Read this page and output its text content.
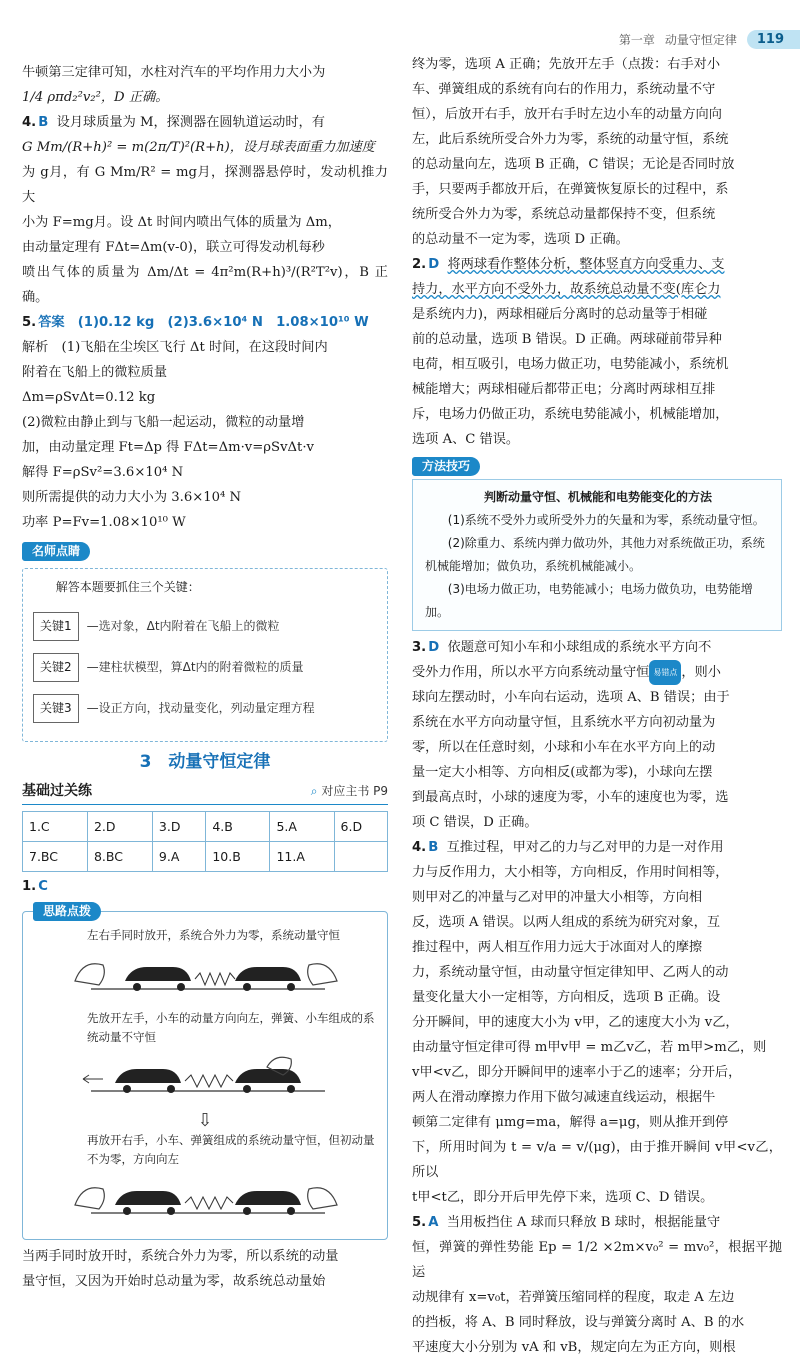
第一章 动量守恒定律	119

牛顿第三定律可知，水柱对汽车的平均作用力大小为

1/4 ρπd₂²v₂²，D 正确。

4. B 设月球质量为 M，探测器在圆轨道运动时，有

G Mm/(R+h)² = m(2π/T)²(R+h)，设月球表面重力加速度

为 g月，有 G Mm/R² = mg月，探测器悬停时，发动机推力大

小为 F=mg月。设 Δt 时间内喷出气体的质量为 Δm，

由动量定理有 FΔt=Δm(v-0)，联立可得发动机每秒

喷出气体的质量为 Δm/Δt = 4π²m(R+h)³/(R²T²v)，B 正确。

5. 答案　(1)0.12 kg　(2)3.6×10⁴ N　1.08×10¹⁰ W

解析　(1)飞船在尘埃区飞行 Δt 时间，在这段时间内

附着在飞船上的微粒质量

Δm=ρSvΔt=0.12 kg

(2)微粒由静止到与飞船一起运动，微粒的动量增

加，由动量定理 Ft=Δp 得 FΔt=Δm·v=ρSvΔt·v

解得 F=ρSv²=3.6×10⁴ N

则所需提供的动力大小为 3.6×10⁴ N

功率 P=Fv=1.08×10¹⁰ W

名师点睛
解答本题要抓住三个关键：
关键1	—选对象，Δt内附着在飞船上的微粒
关键2	—建柱状模型，算Δt内的附着微粒的质量
关键3	—设正方向，找动量变化，列动量定理方程
3　动量守恒定律
基础过关练	⌕ 对应主书 P9
1.C	2.D	3.D	4.B	5.A	6.D
7.BC	8.BC	9.A	10.B	11.A	

1. C

思路点拨
左右手同时放开，系统合外力为零，系统动量守恒
先放开左手，小车的动量方向向左，弹簧、小车组成的系统动量不守恒
⇩
再放开右手，小车、弹簧组成的系统动量守恒，但初动量不为零，方向向左

当两手同时放开时，系统合外力为零，所以系统的动量

量守恒，又因为开始时总动量为零，故系统总动量始

终为零，选项 A 正确；先放开左手（点拨：右手对小

车、弹簧组成的系统有向右的作用力，系统动量不守

恒），后放开右手，放开右手时左边小车的动量方向向

左，此后系统所受合外力为零，系统的动量守恒，系统

的总动量向左，选项 B 正确，C 错误；无论是否同时放

手，只要两手都放开后，在弹簧恢复原长的过程中，系

统所受合外力为零，系统总动量都保持不变，但系统

的总动量不一定为零，选项 D 正确。

2. D 将两球看作整体分析，整体竖直方向受重力、支

持力，水平方向不受外力，故系统总动量不变(库仑力

是系统内力)，两球相碰后分离时的总动量等于相碰

前的总动量，选项 B 错误。D 正确。两球碰前带异种

电荷，相互吸引，电场力做正功，电势能减小，系统机

械能增大；两球相碰后都带正电；分离时两球相互排

斥，电场力仍做正功，系统电势能减小，机械能增加，

选项 A、C 错误。

方法技巧
判断动量守恒、机械能和电势能变化的方法

(1)系统不受外力或所受外力的矢量和为零，系统动量守恒。

(2)除重力、系统内弹力做功外，其他力对系统做正功，系统机械能增加；做负功，系统机械能减小。

(3)电场力做正功，电势能减小；电场力做负功，电势能增加。

3. D 依题意可知小车和小球组成的系统水平方向不

受外力作用，所以水平方向系统动量守恒 易错点 ，则小

球向左摆动时，小车向右运动，选项 A、B 错误；由于

系统在水平方向动量守恒，且系统水平方向初动量为

零，所以在任意时刻，小球和小车在水平方向上的动

量一定大小相等、方向相反(或都为零)，小球向左摆

到最高点时，小球的速度为零，小车的速度也为零，选

项 C 错误，D 正确。

4. B 互推过程，甲对乙的力与乙对甲的力是一对作用

力与反作用力，大小相等，方向相反，作用时间相等，

则甲对乙的冲量与乙对甲的冲量大小相等，方向相

反，选项 A 错误。以两人组成的系统为研究对象，互

推过程中，两人相互作用力远大于冰面对人的摩擦

力，系统动量守恒，由动量守恒定律知甲、乙两人的动

量变化量大小一定相等，方向相反，选项 B 正确。设

分开瞬间，甲的速度大小为 v甲，乙的速度大小为 v乙，

由动量守恒定律可得 m甲v甲 = m乙v乙，若 m甲>m乙，则

v甲<v乙，即分开瞬间甲的速率小于乙的速率；分开后，

两人在滑动摩擦力作用下做匀减速直线运动，根据牛

顿第二定律有 μmg=ma，解得 a=μg，则从推开到停

下，所用时间为 t = v/a = v/(μg)，由于推开瞬间 v甲<v乙，所以

t甲<t乙，即分开后甲先停下来，选项 C、D 错误。

5. A 当用板挡住 A 球而只释放 B 球时，根据能量守

恒，弹簧的弹性势能 Ep = 1/2 ×2m×v₀² = mv₀²，根据平抛运

动规律有 x=v₀t，若弹簧压缩同样的程度，取走 A 左边

的挡板，将 A、B 同时释放，设与弹簧分离时 A、B 的水

平速度大小分别为 vA 和 vB，规定向左为正方向，则根
